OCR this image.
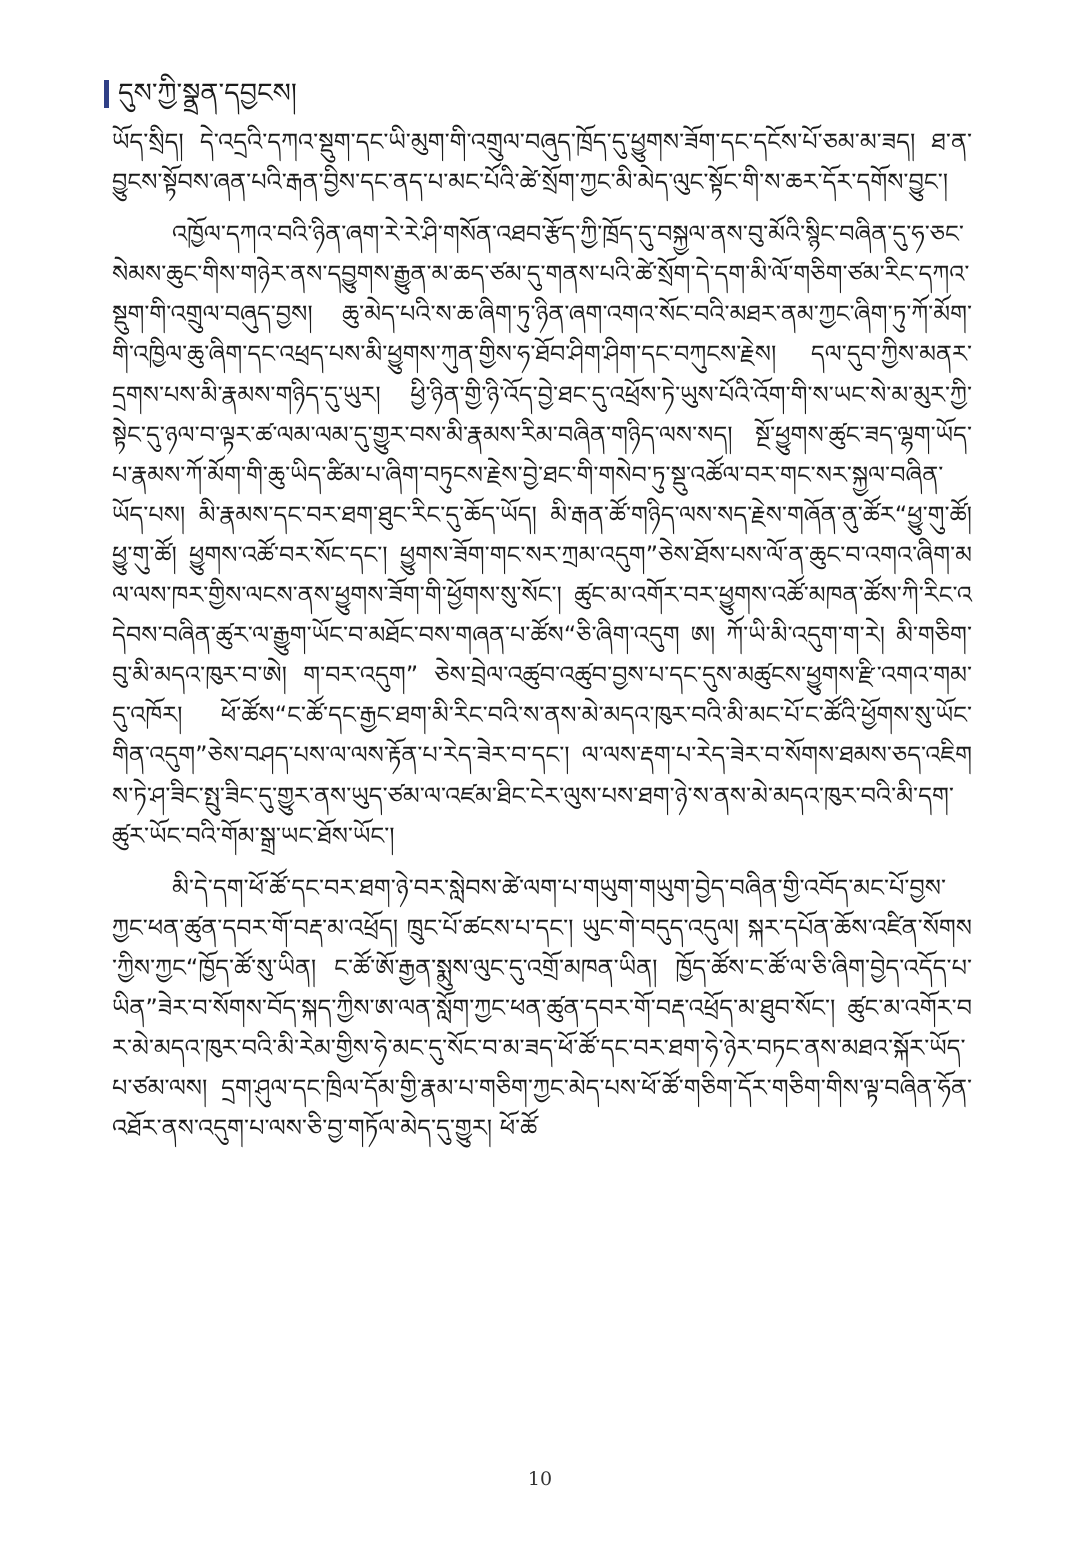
དུས་ཀྱི་སྣྲན་དབྱངས།

ཡོད་སྲིད། དེ་འདྲའི་དཀའ་སྡུག་དང་ཡི་མུག་གི་འགྲུལ་བཞུད་ཁྲོད་དུ་ཕྱུགས་ཟོག་དང་དངོས་པོ་ཅམ་མ་ཟད། ཐ་ན་བྱུངས་སྟོབས་ཞན་པའི་རྒན་བྱིས་དང་ནད་པ་མང་པོའི་ཚེ་སྲོག་ཀྱང་མི་མེད་ལུང་སྟོང་གི་ས་ཆར་དོར་དགོས་བྱུང་།

འཁྱོལ་དཀའ་བའི་ཉིན་ཞག་རེ་རེ་ཤི་གསོན་འཐབ་རྩོད་ཀྱི་ཁྲོད་དུ་བསྐྱལ་ནས་བུ་མོའི་སྙིང་བཞིན་དུ་ཧ་ཅང་སེམས་ཆུང་གིས་གཉེར་ནས་དབྱུགས་རྒྱུན་མ་ཆད་ཙམ་དུ་གནས་པའི་ཚེ་སྲོག་དེ་དག་མི་ལོ་གཅིག་ཙམ་རིང་དཀའ་སྡུག་གི་འགྲུལ་བཞུད་བྱས། ཆུ་མེད་པའི་ས་ཆ་ཞིག་ཏུ་ཉིན་ཞག་འགའ་སོང་བའི་མཐར་ནམ་ཀྱང་ཞིག་ཏུ་ཀོ་མོག་གི་འཁྱིལ་ཆུ་ཞིག་དང་འཕྲད་པས་མི་ཕྱུགས་ཀུན་གྱིས་ཧ་ཐོབ་ཤིག་ཤིག་དང་བཀུངས་རྗེས། དལ་དུབ་ཀྱིས་མནར་དྲགས་པས་མི་རྣམས་གཉིད་དུ་ཡུར། ཕྱི་ཉིན་གྱི་ཉི་འོད་བྱེ་ཐང་དུ་འཕྲོས་ཏེ་ཡུས་པོའི་འོག་གི་ས་ཡང་སེ་མ་མུར་ཀྱི་སྟེང་དུ་ཉལ་བ་ལྟར་ཚ་ལམ་ལམ་དུ་གྱུར་བས་མི་རྣམས་རིམ་བཞིན་གཉིད་ལས་སད། སྔོ་ཕྱུགས་ཚུང་ཟད་ལྷག་ཡོད་པ་རྣམས་ཀོ་མོག་གི་ཆུ་ཡིད་ཚིམ་པ་ཞིག་བཏུངས་རྗེས་བྱེ་ཐང་གི་གསེབ་ཏུ་སྡུ་འཚོལ་བར་གང་སར་སྐྱལ་བཞིན་ཡོད་པས། མི་རྣམས་དང་བར་ཐག་ཐུང་རིང་དུ་ཆོད་ཡོད། མི་རྒན་ཚོ་གཉིད་ལས་སད་རྗེས་གཞོན་ནུ་ཚོར“ཕྱུ་གུ་ཚོ། ཕྱུ་གུ་ཚོ། ཕྱུགས་འཚོ་བར་སོང་དང་། ཕྱུགས་ཟོག་གང་སར་ཀྲམ་འདུག”ཅེས་ཐོས་པས་ལོ་ན་ཆུང་བ་འགའ་ཞིག་མལ་ལས་ཁར་གྱིས་ལངས་ནས་ཕྱུགས་ཟོག་གི་ཕྱོགས་སུ་སོང་། ཚུང་མ་འགོར་བར་ཕྱུགས་འཚོ་མཁན་ཚོས་ཀི་རིང་འདེབས་བཞིན་ཚུར་ལ་རྒྱུག་ཡོང་བ་མཐོང་བས་གཞན་པ་ཚོས“ཅི་ཞིག་འདུག ཨ། ཀོ་ཡི་མི་འདུག་ག་རེ། མི་གཅིག་བུ་མི་མདའ་ཁུར་བ་ཨེ། ག་བར་འདུག” ཅེས་བྲེལ་འཚུབ་འཚུབ་བྱས་པ་དང་དུས་མཚུངས་ཕྱུགས་རྫི་འགའ་གམ་དུ་འཁོར། ཕོ་ཚོས“ང་ཚོ་དང་རྒྱང་ཐག་མི་རིང་བའི་ས་ནས་མེ་མདའ་ཁུར་བའི་མི་མང་པོ་ང་ཚོའི་ཕྱོགས་སུ་ཡོང་གིན་འདུག”ཅེས་བཤད་པས་ལ་ལས་རྟོན་པ་རེད་ཟེར་བ་དང་། ལ་ལས་རྡག་པ་རེད་ཟེར་བ་སོགས་ཐམས་ཅད་འཇིགས་ཏེ་ཤ་ཟིང་སྤུ་ཟིང་དུ་གྱུར་ནས་ཡུད་ཙམ་ལ་འཛམ་ཐིང་ངེར་ལུས་པས་ཐག་ཉེ་ས་ནས་མེ་མདའ་ཁུར་བའི་མི་དག་ཚུར་ཡོང་བའི་གོམ་སྒྲ་ཡང་ཐོས་ཡོང་།

མི་དེ་དག་ཕོ་ཚོ་དང་བར་ཐག་ཉེ་བར་སླེབས་ཚེ་ལག་པ་གཡུག་གཡུག་བྱེད་བཞིན་གྱི་འབོད་མང་པོ་བྱས་ཀྱང་ཕན་ཚུན་དབར་གོ་བརྡ་མ་འཕྲོད། ཁྲུང་པོ་ཚངས་པ་དང་། ཡུང་གེ་བདུད་འདུལ། སྐར་དཔོན་ཆོས་འཛིན་སོགས་ཀྱིས་ཀྱང“ཁྱོད་ཚོ་སུ་ཡིན། ང་ཚོ་ཨོ་རྒྱན་སྨུས་ལུང་དུ་འགྲོ་མཁན་ཡིན། ཁྱོད་ཚོས་ང་ཚོ་ལ་ཅི་ཞིག་བྱེད་འདོད་པ་ཡིན”ཟེར་བ་སོགས་བོད་སྐད་ཀྱིས་ཨ་ལན་སློག་ཀྱང་ཕན་ཚུན་དབར་གོ་བརྡ་འཕྲོད་མ་ཐུབ་སོང་། ཚུང་མ་འགོར་བར་མེ་མདའ་ཁུར་བའི་མི་རེམ་གྱིས་ཧེ་མང་དུ་སོང་བ་མ་ཟད་ཕོ་ཚོ་དང་བར་ཐག་ཧེ་ཉེར་བཏང་ནས་མཐའ་སྐོར་ཡོད་པ་ཙམ་ལས། དྲག་ཤུལ་དང་ཁྲིལ་དོམ་གྱི་རྣམ་པ་གཅིག་ཀྱང་མེད་པས་ཕོ་ཚོ་གཅིག་དོར་གཅིག་གིས་ལྟ་བཞིན་ཧོན་འཐོར་ནས་འདུག་པ་ལས་ཅི་བྱ་གཏོལ་མེད་དུ་གྱུར། ཕོ་ཚོ

10
